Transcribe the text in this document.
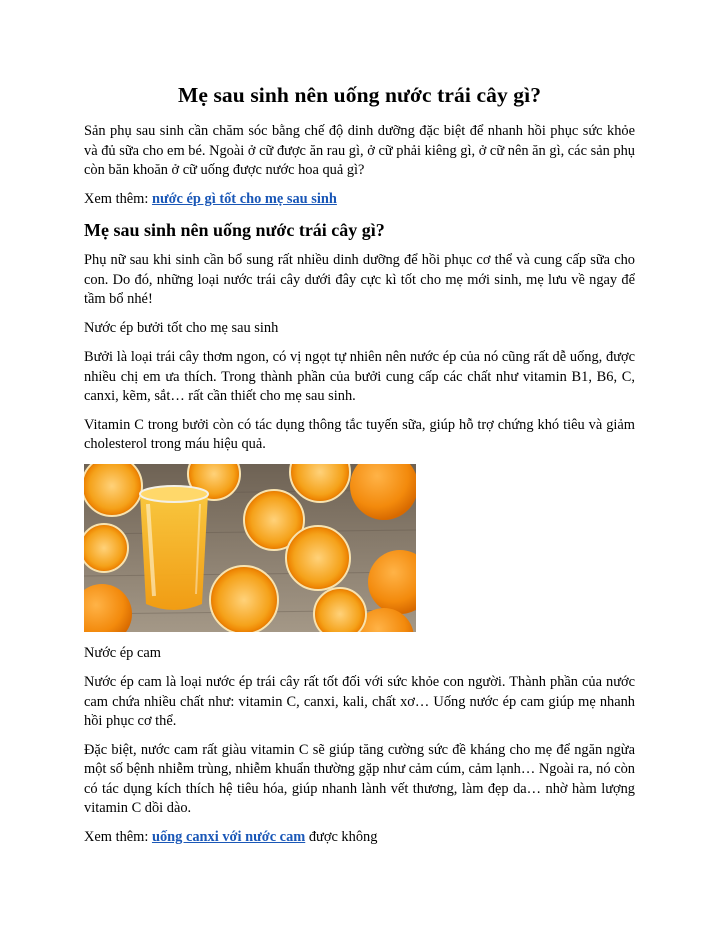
Mẹ sau sinh nên uống nước trái cây gì?

Sản phụ sau sinh cần chăm sóc bằng chế độ dinh dưỡng đặc biệt để nhanh hồi phục sức khỏe và đủ sữa cho em bé. Ngoài ở cữ được ăn rau gì, ở cữ phải kiêng gì, ở cữ nên ăn gì, các sản phụ còn băn khoăn ở cữ uống được nước hoa quả gì?

Xem thêm: nước ép gì tốt cho mẹ sau sinh

Mẹ sau sinh nên uống nước trái cây gì?

Phụ nữ sau khi sinh cần bổ sung rất nhiều dinh dưỡng để hồi phục cơ thể và cung cấp sữa cho con. Do đó, những loại nước trái cây dưới đây cực kì tốt cho mẹ mới sinh, mẹ lưu về ngay để tầm bổ nhé!

Nước ép bưởi tốt cho mẹ sau sinh

Bưởi là loại trái cây thơm ngon, có vị ngọt tự nhiên nên nước ép của nó cũng rất dễ uống, được nhiều chị em ưa thích. Trong thành phần của bưởi cung cấp các chất như vitamin B1, B6, C, canxi, kẽm, sắt… rất cần thiết cho mẹ sau sinh.

Vitamin C trong bưởi còn có tác dụng thông tắc tuyến sữa, giúp hỗ trợ chứng khó tiêu và giảm cholesterol trong máu hiệu quả.

Nước ép cam

Nước ép cam là loại nước ép trái cây rất tốt đối với sức khỏe con người. Thành phần của nước cam chứa nhiều chất như: vitamin C, canxi, kali, chất xơ… Uống nước ép cam giúp mẹ nhanh hồi phục cơ thể.

Đặc biệt, nước cam rất giàu vitamin C sẽ giúp tăng cường sức đề kháng cho mẹ để ngăn ngừa một số bệnh nhiễm trùng, nhiễm khuẩn thường gặp như cảm cúm, cảm lạnh… Ngoài ra, nó còn có tác dụng kích thích hệ tiêu hóa, giúp nhanh lành vết thương, làm đẹp da… nhờ hàm lượng vitamin C dồi dào.

Xem thêm: uống canxi với nước cam được không
